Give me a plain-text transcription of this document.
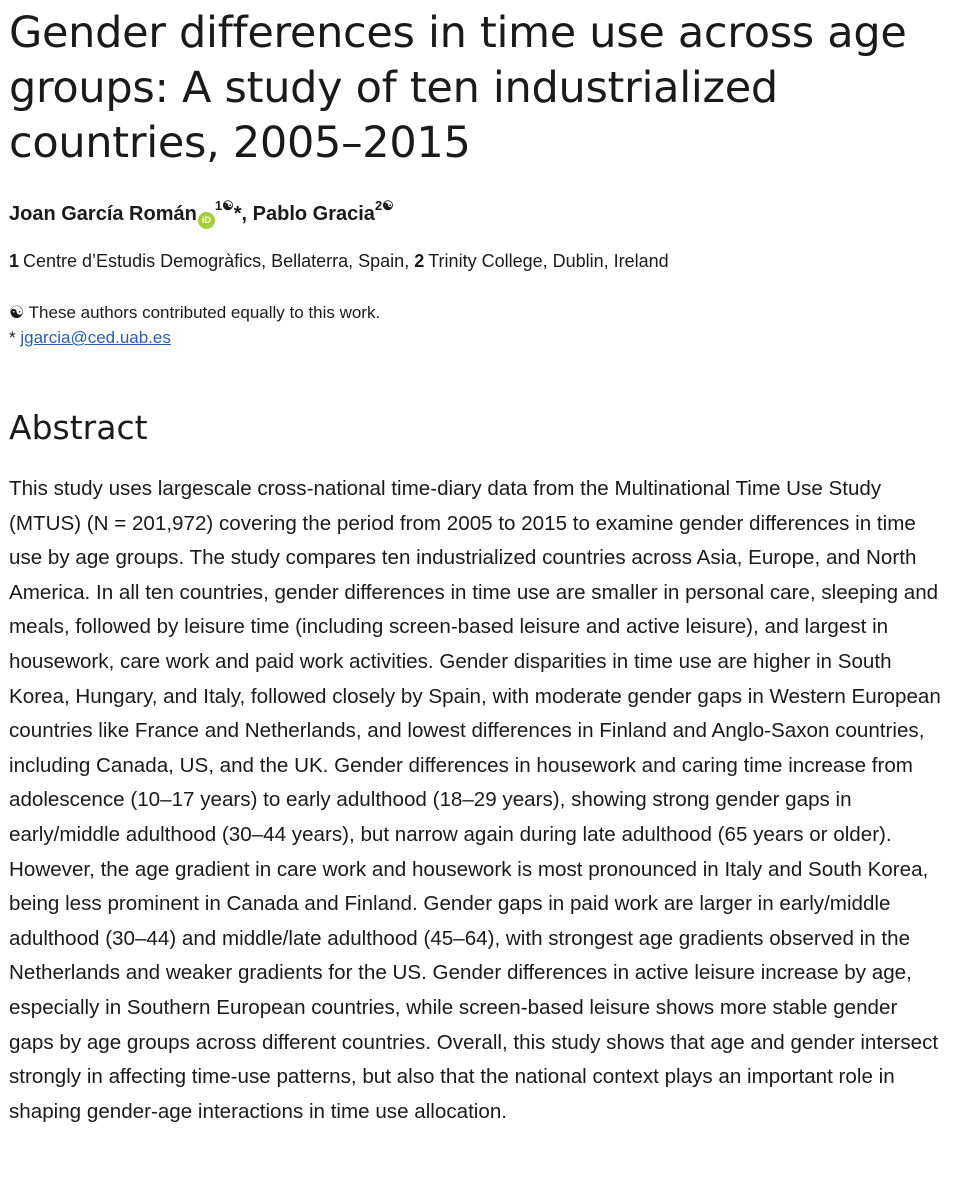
Gender differences in time use across age
groups: A study of ten industrialized
countries, 2005–2015
Joan García Román $iD^{1☯}*$, Pablo Gracia$^{2☯}$
1 Centre d’Estudis Demogràfics, Bellaterra, Spain, 2 Trinity College, Dublin, Ireland
☯ These authors contributed equally to this work.
* jgarcia@ced.uab.es
Abstract

This study uses largescale cross-national time-diary data from the Multinational Time Use Study (MTUS) (N = 201,972) covering the period from 2005 to 2015 to examine gender differences in time use by age groups. The study compares ten industrialized countries across Asia, Europe, and North America. In all ten countries, gender differences in time use are smaller in personal care, sleeping and meals, followed by leisure time (including screen-based leisure and active leisure), and largest in housework, care work and paid work activities. Gender disparities in time use are higher in South Korea, Hungary, and Italy, followed closely by Spain, with moderate gender gaps in Western European countries like France and Netherlands, and lowest differences in Finland and Anglo-Saxon countries, including Canada, US, and the UK. Gender differences in housework and caring time increase from adolescence (10–17 years) to early adulthood (18–29 years), showing strong gender gaps in early/middle adulthood (30–44 years), but narrow again during late adulthood (65 years or older). However, the age gradient in care work and housework is most pronounced in Italy and South Korea, being less prominent in Canada and Finland. Gender gaps in paid work are larger in early/middle adulthood (30–44) and middle/late adulthood (45–64), with strongest age gradients observed in the Netherlands and weaker gradients for the US. Gender differences in active leisure increase by age, especially in Southern European countries, while screen-based leisure shows more stable gender gaps by age groups across different countries. Overall, this study shows that age and gender intersect strongly in affecting time-use patterns, but also that the national context plays an important role in shaping gender-age interactions in time use allocation.
